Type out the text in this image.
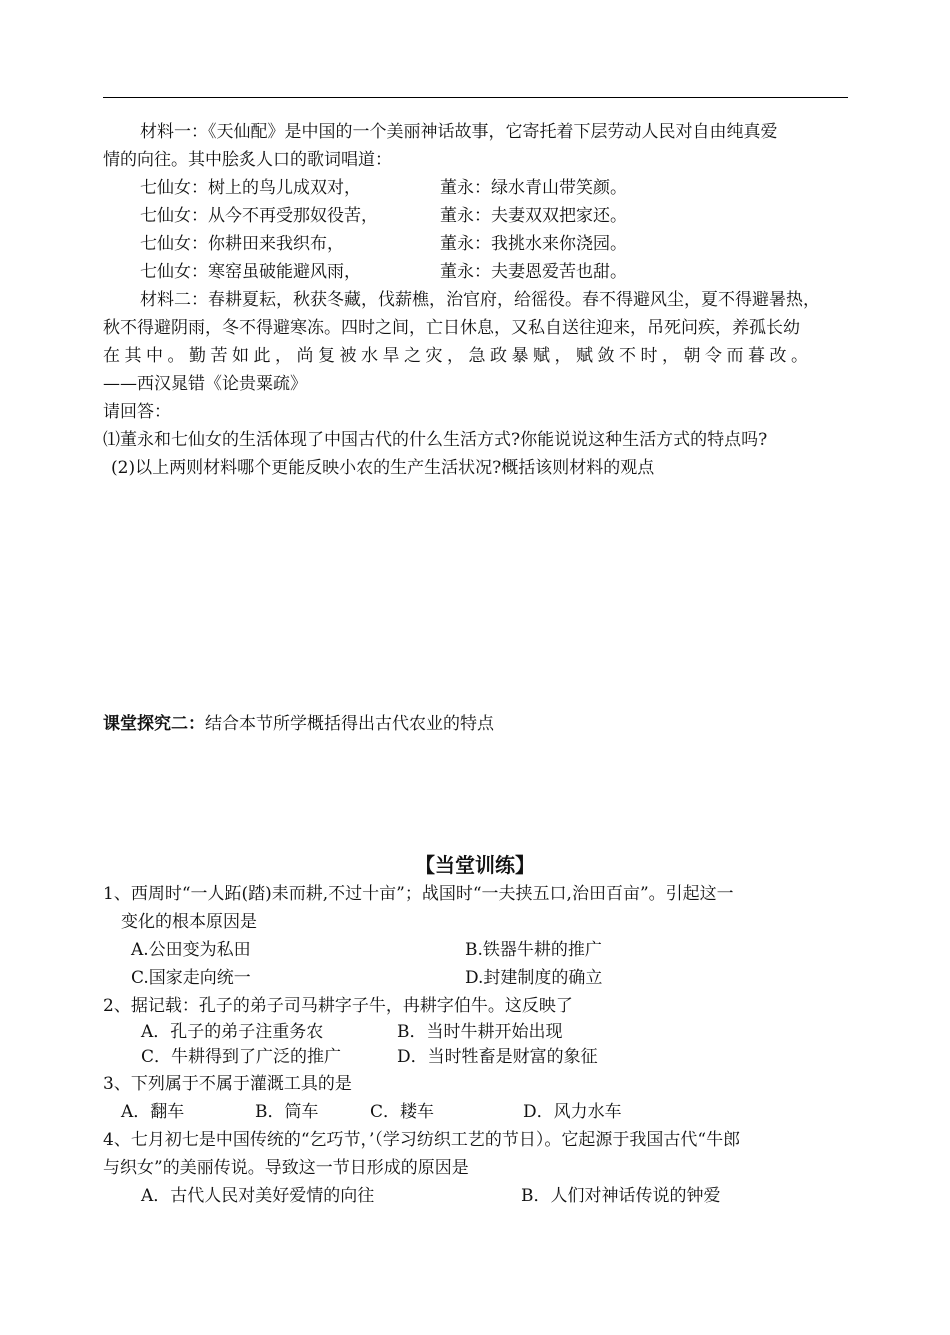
材料一：《天仙配》是中国的一个美丽神话故事，它寄托着下层劳动人民对自由纯真爱
情的向往。其中脍炙人口的歌词唱道：
七仙女：树上的鸟儿成双对，	董永：绿水青山带笑颜。
七仙女：从今不再受那奴役苦，	董永：夫妻双双把家还。
七仙女：你耕田来我织布，	董永：我挑水来你浇园。
七仙女：寒窑虽破能避风雨，	董永：夫妻恩爱苦也甜。
材料二：春耕夏耘，秋获冬藏，伐薪樵，治官府，给徭役。春不得避风尘，夏不得避暑热，
秋不得避阴雨，冬不得避寒冻。四时之间，亡日休息，又私自送往迎来，吊死问疾，养孤长幼
在其中。勤苦如此，尚复被水旱之灾，急政暴赋，赋敛不时，朝令而暮改。
——西汉晁错《论贵粟疏》
请回答：
⑴董永和七仙女的生活体现了中国古代的什么生活方式?你能说说这种生活方式的特点吗?
(2)以上两则材料哪个更能反映小农的生产生活状况?概括该则材料的观点
课堂探究二：结合本节所学概括得出古代农业的特点
【当堂训练】
1、西周时“一人跖(踏)耒而耕,不过十亩”；战国时“一夫挟五口,治田百亩”。引起这一
变化的根本原因是
A.公田变为私田	B.铁器牛耕的推广
C.国家走向统一	D.封建制度的确立
2、据记载：孔子的弟子司马耕字子牛，冉耕字伯牛。这反映了
A．孔子的弟子注重务农	B．当时牛耕开始出现
C．牛耕得到了广泛的推广	D．当时牲畜是财富的象征
3、下列属于不属于灌溉工具的是
A．翻车	B．筒车	C．耧车	D．风力水车
4、七月初七是中国传统的“乞巧节，’（学习纺织工艺的节日）。它起源于我国古代“牛郎
与织女”的美丽传说。导致这一节日形成的原因是
A．古代人民对美好爱情的向往	B．人们对神话传说的钟爱
